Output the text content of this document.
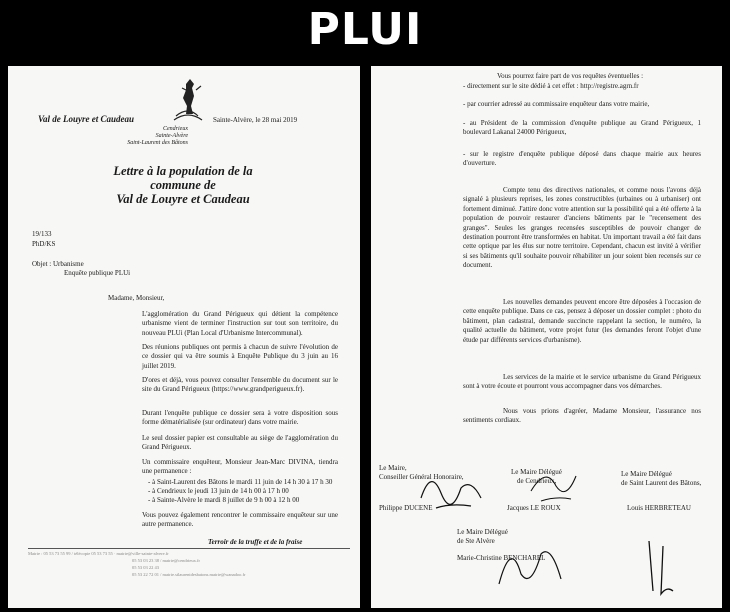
PLUI
Val de Louyre et Caudeau
Cendrieux
Sainte-Alvère
Saint-Laurent des Bâtons
Sainte-Alvère, le 28 mai 2019
Lettre à la population de la
commune de
Val de Louyre et Caudeau
19/133
PhD/KS
Objet : Urbanisme
Enquête publique PLUi
Madame, Monsieur,
L'agglomération du Grand Périgueux qui détient la compétence urbanisme vient de terminer l'instruction sur tout son territoire, du nouveau PLUi (Plan Local d'Urbanisme Intercommunal).
Des réunions publiques ont permis à chacun de suivre l'évolution de ce dossier qui va être soumis à Enquête Publique du 3 juin au 16 juillet 2019.
D'ores et déjà, vous pouvez consulter l'ensemble du document sur le site du Grand Périgueux (https://www.grandperigueux.fr).
Durant l'enquête publique ce dossier sera à votre disposition sous forme dématérialisée (sur ordinateur) dans votre mairie.
Le seul dossier papier est consultable au siège de l'agglomération du Grand Périgueux.
Un commissaire enquêteur, Monsieur Jean-Marc DIVINA, tiendra une permanence :
- à Saint-Laurent des Bâtons le mardi 11 juin de 14 h 30 à 17 h 30
- à Cendrieux le jeudi 13 juin de 14 h 00 à 17 h 00
- à Sainte-Alvère le mardi 8 juillet de 9 h 00 à 12 h 00
Vous pouvez également rencontrer le commissaire enquêteur sur une autre permanence.
Terroir de la truffe et de la fraise
Mairie : 05 53 73 55 99 / télécopie 05 53 73 55 · mairie@ville-sainte-alvere.fr
05 53 03 23 38 / mairie@cendrieux.fr
05 53 03 22 43
05 53 22 72 01 / mairie.stlaurentdesbatons.mairie@wanadoo.fr
Vous pourrez faire part de vos requêtes éventuelles :
- directement sur le site dédié à cet effet : http://registre.agrn.fr
- par courrier adressé au commissaire enquêteur dans votre mairie,
- au Président de la commission d'enquête publique au Grand Périgueux, 1 boulevard Lakanal 24000 Périgueux,
- sur le registre d'enquête publique déposé dans chaque mairie aux heures d'ouverture.
Compte tenu des directives nationales, et comme nous l'avons déjà signalé à plusieurs reprises, les zones constructibles (urbaines ou à urbaniser) ont fortement diminué. J'attire donc votre attention sur la possibilité qui a été offerte à la population de pouvoir restaurer d'anciens bâtiments par le "recensement des granges". Seules les granges recensées susceptibles de pouvoir changer de destination pourront être transformées en habitat. Un important travail a été fait dans cette optique par les élus sur notre territoire. Cependant, chacun est invité à vérifier si ses bâtiments qu'il souhaite pouvoir réhabiliter un jour soient bien recensés sur ce document.
Les nouvelles demandes peuvent encore être déposées à l'occasion de cette enquête publique. Dans ce cas, pensez à déposer un dossier complet : photo du bâtiment, plan cadastral, demande succincte rappelant la section, le numéro, la qualité actuelle du bâtiment, votre projet futur (les demandes feront l'objet d'une étude par différents services d'urbanisme).
Les services de la mairie et le service urbanisme du Grand Périgueux sont à votre écoute et pourront vous accompagner dans vos démarches.
Nous vous prions d'agréer, Madame Monsieur, l'assurance nos sentiments cordiaux.
Le Maire,
Conseiller Général Honoraire,
Philippe DUCENE
Le Maire Délégué
de Cendrieux,
Jacques LE ROUX
Le Maire Délégué
de Saint Laurent des Bâtons,
Louis HERBRETEAU
Le Maire Délégué
de Ste Alvère
Marie-Christine BENCHAREL
